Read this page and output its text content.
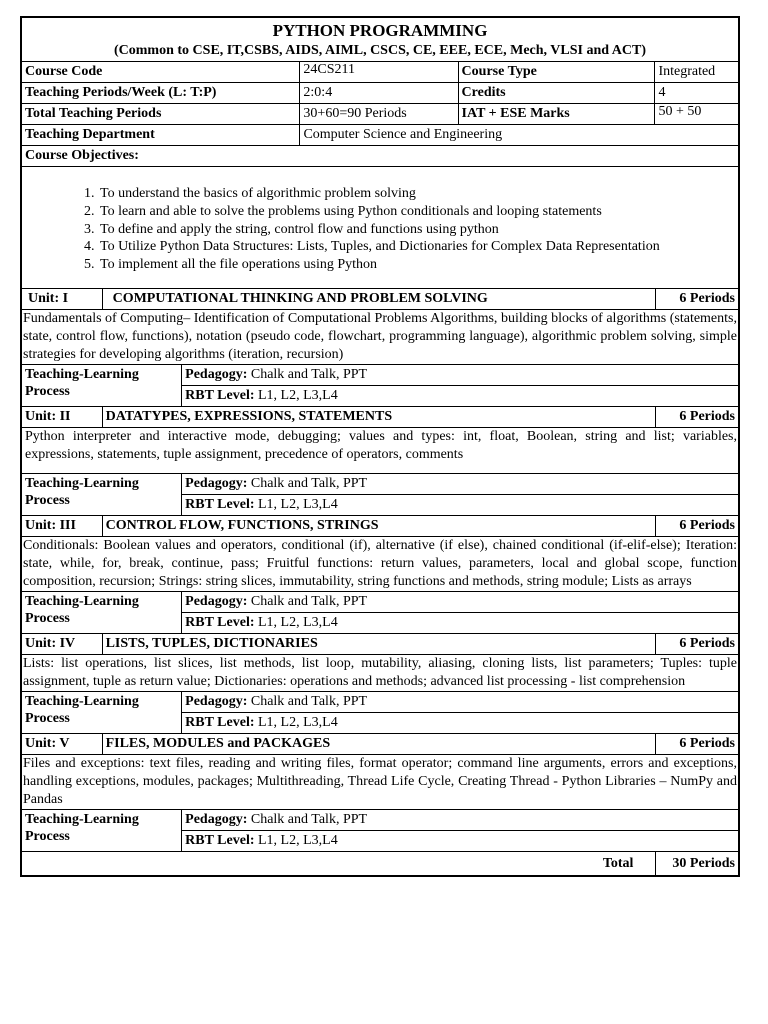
PYTHON PROGRAMMING
(Common to CSE, IT,CSBS, AIDS, AIML, CSCS, CE, EEE, ECE, Mech, VLSI and ACT)
Course Code	24CS211	Course Type	Integrated
Teaching Periods/Week (L: T:P)	2:0:4	Credits	4
Total Teaching Periods	30+60=90 Periods	IAT + ESE Marks	50 + 50
Teaching Department	Computer Science and Engineering
Course Objectives:
1. To understand the basics of algorithmic problem solving
2. To learn and able to solve the problems using Python conditionals and looping statements
3. To define and apply the string, control flow and functions using python
4. To Utilize Python Data Structures: Lists, Tuples, and Dictionaries for Complex Data Representation
5. To implement all the file operations using Python
Unit: I	COMPUTATIONAL THINKING AND PROBLEM SOLVING	6 Periods
Fundamentals of Computing– Identification of Computational Problems Algorithms, building blocks of algorithms (statements, state, control flow, functions), notation (pseudo code, flowchart, programming language), algorithmic problem solving, simple strategies for developing algorithms (iteration, recursion)
Teaching-Learning Process
Pedagogy: Chalk and Talk, PPT
RBT Level: L1, L2, L3,L4
Unit: II	DATATYPES, EXPRESSIONS, STATEMENTS	6 Periods
Python interpreter and interactive mode, debugging; values and types: int, float, Boolean, string and list; variables, expressions, statements, tuple assignment, precedence of operators, comments
Teaching-Learning Process
Pedagogy: Chalk and Talk, PPT
RBT Level: L1, L2, L3,L4
Unit: III	CONTROL FLOW, FUNCTIONS, STRINGS	6 Periods
Conditionals: Boolean values and operators, conditional (if), alternative (if else), chained conditional (if-elif-else); Iteration: state, while, for, break, continue, pass; Fruitful functions: return values, parameters, local and global scope, function composition, recursion; Strings: string slices, immutability, string functions and methods, string module; Lists as arrays
Teaching-Learning Process
Pedagogy: Chalk and Talk, PPT
RBT Level: L1, L2, L3,L4
Unit: IV	LISTS, TUPLES, DICTIONARIES	6 Periods
Lists: list operations, list slices, list methods, list loop, mutability, aliasing, cloning lists, list parameters; Tuples: tuple assignment, tuple as return value; Dictionaries: operations and methods; advanced list processing - list comprehension
Teaching-Learning Process
Pedagogy: Chalk and Talk, PPT
RBT Level: L1, L2, L3,L4
Unit: V	FILES, MODULES and PACKAGES	6 Periods
Files and exceptions: text files, reading and writing files, format operator; command line arguments, errors and exceptions, handling exceptions, modules, packages; Multithreading, Thread Life Cycle, Creating Thread - Python Libraries – NumPy and Pandas
Teaching-Learning Process
Pedagogy: Chalk and Talk, PPT
RBT Level: L1, L2, L3,L4
Total	30 Periods
